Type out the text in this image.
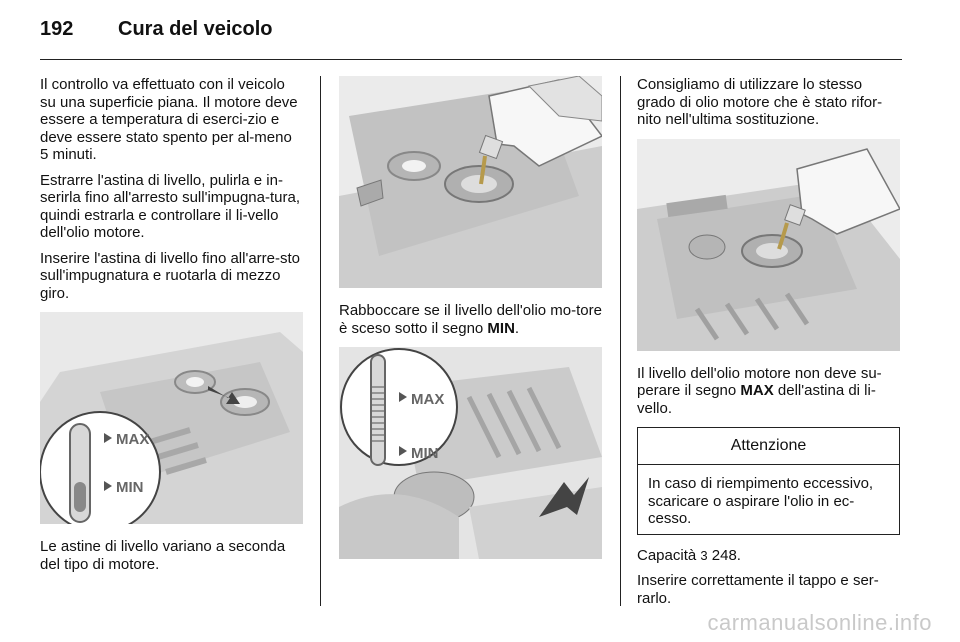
192 Cura del veicolo

Il controllo va effettuato con il veicolo su una superficie piana. Il motore deve essere a temperatura di eserci-zio e deve essere stato spento per al-meno 5 minuti.

Estrarre l'astina di livello, pulirla e in-serirla fino all'arresto sull'impugna-tura, quindi estrarla e controllare il li-vello dell'olio motore.

Inserire l'astina di livello fino all'arre-sto sull'impugnatura e ruotarla di mezzo giro.

MAX
MIN

Le astine di livello variano a seconda del tipo di motore.

Rabboccare se il livello dell'olio mo-tore è sceso sotto il segno MIN.

MAX
MIN

Consigliamo di utilizzare lo stesso grado di olio motore che è stato rifor-nito nell'ultima sostituzione.

Il livello dell'olio motore non deve su-perare il segno MAX dell'astina di li-vello.

Attenzione
In caso di riempimento eccessivo, scaricare o aspirare l'olio in ec-cesso.

Capacità 3 248.

Inserire correttamente il tappo e ser-rarlo.

carmanualsonline.info
